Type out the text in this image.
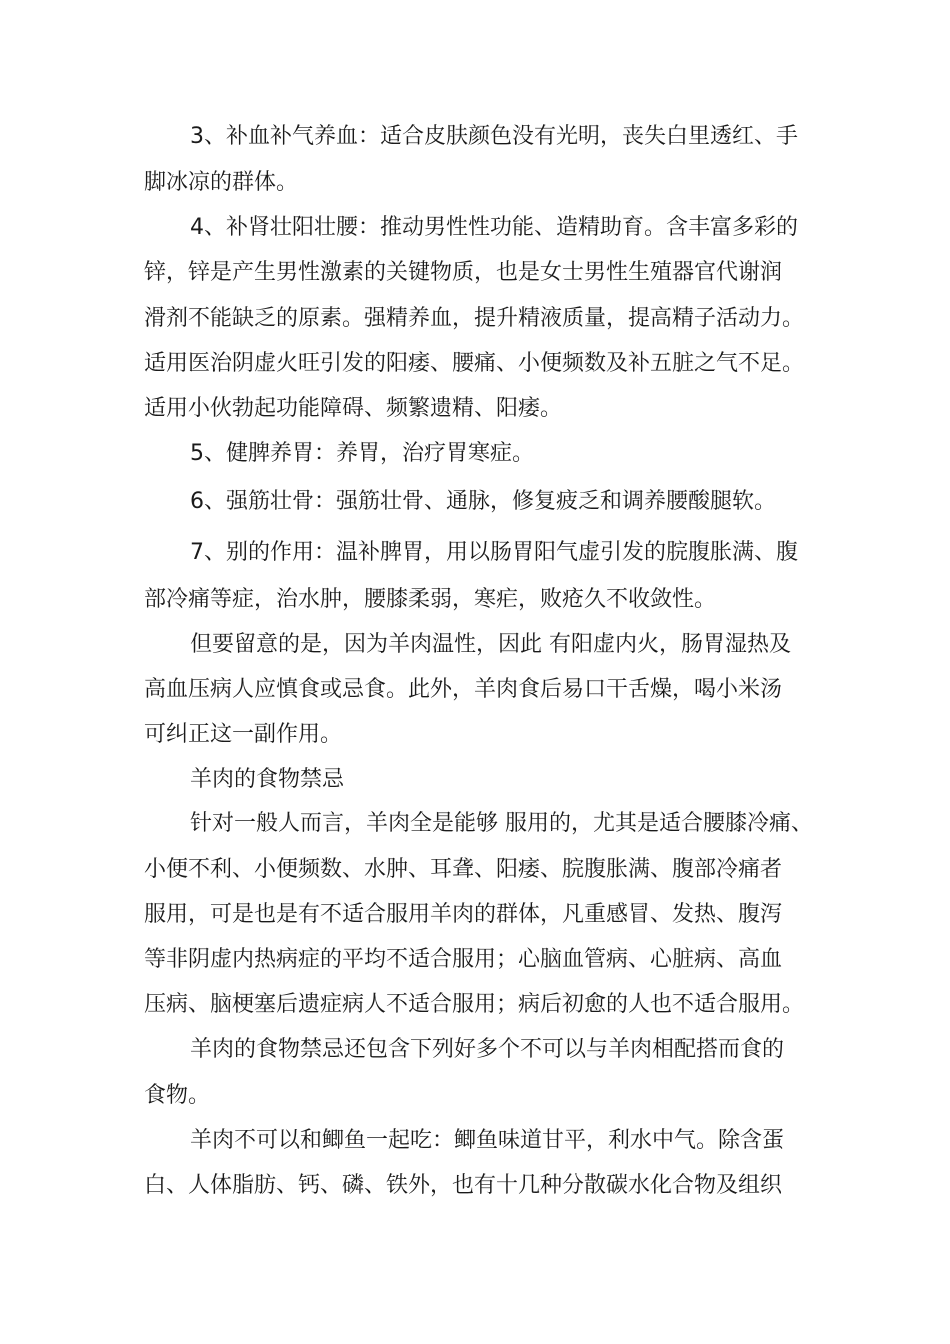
3、补血补气养血：适合皮肤颜色没有光明，丧失白里透红、手
脚冰凉的群体。
4、补肾壮阳壮腰：推动男性性功能、造精助育。含丰富多彩的
锌，锌是产生男性激素的关键物质，也是女士男性生殖器官代谢润
滑剂不能缺乏的原素。强精养血，提升精液质量，提高精子活动力。
适用医治阴虚火旺引发的阳痿、腰痛、小便频数及补五脏之气不足。
适用小伙勃起功能障碍、频繁遗精、阳痿。
5、健脾养胃：养胃，治疗胃寒症。
6、强筋壮骨：强筋壮骨、通脉，修复疲乏和调养腰酸腿软。
7、别的作用：温补脾胃，用以肠胃阳气虚引发的脘腹胀满、腹
部冷痛等症，治水肿，腰膝柔弱，寒疟，败疮久不收敛性。
但要留意的是，因为羊肉温性，因此 有阳虚内火，肠胃湿热及
高血压病人应慎食或忌食。此外，羊肉食后易口干舌燥，喝小米汤
可纠正这一副作用。
羊肉的食物禁忌
针对一般人而言，羊肉全是能够 服用的，尤其是适合腰膝冷痛、
小便不利、小便频数、水肿、耳聋、阳痿、脘腹胀满、腹部冷痛者
服用，可是也是有不适合服用羊肉的群体，凡重感冒、发热、腹泻
等非阴虚内热病症的平均不适合服用；心脑血管病、心脏病、高血
压病、脑梗塞后遗症病人不适合服用；病后初愈的人也不适合服用。
羊肉的食物禁忌还包含下列好多个不可以与羊肉相配搭而食的
食物。
羊肉不可以和鲫鱼一起吃：鲫鱼味道甘平，利水中气。除含蛋
白、人体脂肪、钙、磷、铁外，也有十几种分散碳水化合物及组织
